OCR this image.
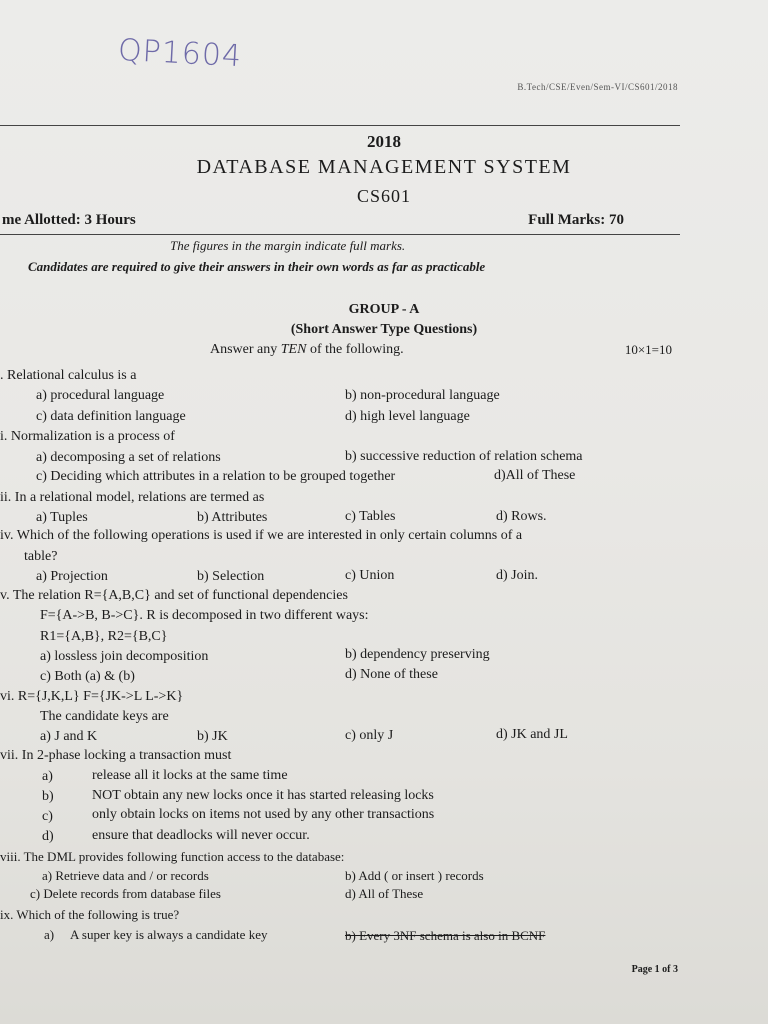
QP1604
B.Tech/CSE/Even/Sem-VI/CS601/2018
2018
DATABASE MANAGEMENT SYSTEM
CS601
me Allotted: 3 Hours	Full Marks: 70
The figures in the margin indicate full marks.
Candidates are required to give their answers in their own words as far as practicable
GROUP - A
(Short Answer Type Questions)
Answer any TEN of the following.	10×1=10
. Relational calculus is a
a) procedural language	b) non-procedural language
c) data definition language	d) high level language
i. Normalization is a process of
a) decomposing a set of relations	b) successive reduction of relation schema
c) Deciding which attributes in a relation to be grouped together	d)All of These
ii. In a relational model, relations are termed as
a) Tuples	b) Attributes	c) Tables	d) Rows.
iv. Which of the following operations is used if we are interested in only certain columns of a
table?
a) Projection	b) Selection	c) Union	d) Join.
v. The relation R={A,B,C} and set of functional dependencies
F={A->B, B->C}. R is decomposed in two different ways:
R1={A,B}, R2={B,C}
a) lossless join decomposition	b) dependency preserving
c) Both (a) & (b)	d) None of these
vi. R={J,K,L} F={JK->L L->K}
The candidate keys are
a) J and K	b) JK	c) only J	d) JK and JL
vii. In 2-phase locking a transaction must
a)	release all it locks at the same time
b)	NOT obtain any new locks once it has started releasing locks
c)	only obtain locks on items not used by any other transactions
d)	ensure that deadlocks will never occur.
viii. The DML provides following function access to the database:
a) Retrieve data and / or records	b) Add ( or insert ) records
c) Delete records from database files	d) All of These
ix. Which of the following is true?
a) A super key is always a candidate key	b) Every 3NF schema is also in BCNF
Page 1 of 3
